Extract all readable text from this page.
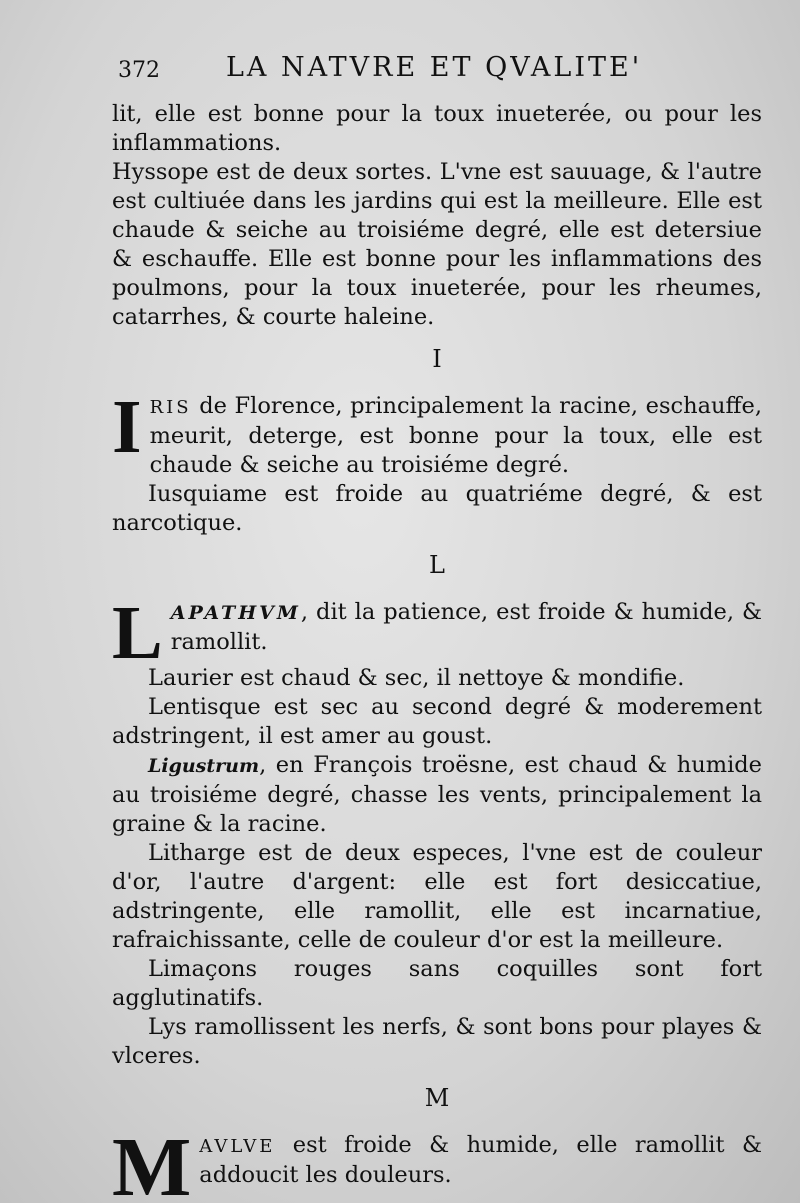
372 LA NATVRE ET QVALITE'

lit, elle est bonne pour la toux inueterée, ou pour les inflammations.

Hyssope est de deux sortes. L'vne est sauuage, & l'autre est cultiuée dans les jardins qui est la meilleure. Elle est chaude & seiche au troisiéme degré, elle est detersiue & eschauffe. Elle est bonne pour les inflammations des poulmons, pour la toux inueterée, pour les rheumes, catarrhes, & courte haleine.

I

IRIS de Florence, principalement la racine, eschauffe, meurit, deterge, est bonne pour la toux, elle est chaude & seiche au troisiéme degré.

Iusquiame est froide au quatriéme degré, & est narcotique.

L

LAPATHVM, dit la patience, est froide & humide, & ramollit.

Laurier est chaud & sec, il nettoye & mondifie.

Lentisque est sec au second degré & moderement adstringent, il est amer au goust.

Ligustrum, en François troësne, est chaud & humide au troisiéme degré, chasse les vents, principalement la graine & la racine.

Litharge est de deux especes, l'vne est de couleur d'or, l'autre d'argent: elle est fort desiccatiue, adstringente, elle ramollit, elle est incarnatiue, rafraichissante, celle de couleur d'or est la meilleure.

Limaçons rouges sans coquilles sont fort agglutinatifs.

Lys ramollissent les nerfs, & sont bons pour playes & vlceres.

M

MAVLVE est froide & humide, elle ramollit & addoucit les douleurs.
